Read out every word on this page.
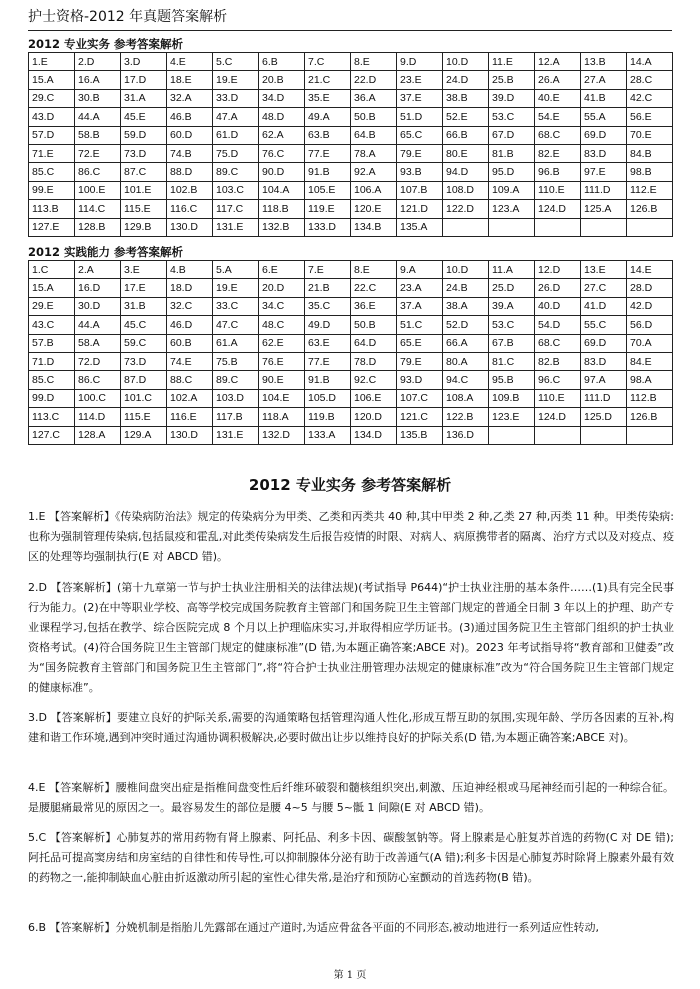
护士资格-2012 年真题答案解析
2012 专业实务 参考答案解析
1.E	2.D	3.D	4.E	5.C	6.B	7.C	8.E	9.D	10.D	11.E	12.A	13.B	14.A
15.A	16.A	17.D	18.E	19.E	20.B	21.C	22.D	23.E	24.D	25.B	26.A	27.A	28.C
29.C	30.B	31.A	32.A	33.D	34.D	35.E	36.A	37.E	38.B	39.D	40.E	41.B	42.C
43.D	44.A	45.E	46.B	47.A	48.D	49.A	50.B	51.D	52.E	53.C	54.E	55.A	56.E
57.D	58.B	59.D	60.D	61.D	62.A	63.B	64.B	65.C	66.B	67.D	68.C	69.D	70.E
71.E	72.E	73.D	74.B	75.D	76.C	77.E	78.A	79.E	80.E	81.B	82.E	83.D	84.B
85.C	86.C	87.C	88.D	89.C	90.D	91.B	92.A	93.B	94.D	95.D	96.B	97.E	98.B
99.E	100.E	101.E	102.B	103.C	104.A	105.E	106.A	107.B	108.D	109.A	110.E	111.D	112.E
113.B	114.C	115.E	116.C	117.C	118.B	119.E	120.E	121.D	122.D	123.A	124.D	125.A	126.B
127.E	128.B	129.B	130.D	131.E	132.B	133.D	134.B	135.A					
2012 实践能力 参考答案解析
1.C	2.A	3.E	4.B	5.A	6.E	7.E	8.E	9.A	10.D	11.A	12.D	13.E	14.E
15.A	16.D	17.E	18.D	19.E	20.D	21.B	22.C	23.A	24.B	25.D	26.D	27.C	28.D
29.E	30.D	31.B	32.C	33.C	34.C	35.C	36.E	37.A	38.A	39.A	40.D	41.D	42.D
43.C	44.A	45.C	46.D	47.C	48.C	49.D	50.B	51.C	52.D	53.C	54.D	55.C	56.D
57.B	58.A	59.C	60.B	61.A	62.E	63.E	64.D	65.E	66.A	67.B	68.C	69.D	70.A
71.D	72.D	73.D	74.E	75.B	76.E	77.E	78.D	79.E	80.A	81.C	82.B	83.D	84.E
85.C	86.C	87.D	88.C	89.C	90.E	91.B	92.C	93.D	94.C	95.B	96.C	97.A	98.A
99.D	100.C	101.C	102.A	103.D	104.E	105.D	106.E	107.C	108.A	109.B	110.E	111.D	112.B
113.C	114.D	115.E	116.E	117.B	118.A	119.B	120.D	121.C	122.B	123.E	124.D	125.D	126.B
127.C	128.A	129.A	130.D	131.E	132.D	133.A	134.D	135.B	136.D				
2012 专业实务 参考答案解析
1.E 【答案解析】《传染病防治法》规定的传染病分为甲类、乙类和丙类共 40 种,其中甲类 2 种,乙类 27 种,丙类 11 种。甲类传染病:也称为强制管理传染病,包括鼠疫和霍乱,对此类传染病发生后报告疫情的时限、对病人、病原携带者的隔离、治疗方式以及对疫点、疫区的处理等均强制执行(E 对 ABCD 错)。
2.D 【答案解析】(第十九章第一节与护士执业注册相关的法律法规)(考试指导 P644)“护士执业注册的基本条件……(1)具有完全民事行为能力。(2)在中等职业学校、高等学校完成国务院教育主管部门和国务院卫生主管部门规定的普通全日制 3 年以上的护理、助产专业课程学习,包括在教学、综合医院完成 8 个月以上护理临床实习,并取得相应学历证书。(3)通过国务院卫生主管部门组织的护士执业资格考试。(4)符合国务院卫生主管部门规定的健康标准”(D 错,为本题正确答案;ABCE 对)。2023 年考试指导将“教育部和卫健委”改为“国务院教育主管部门和国务院卫生主管部门”,将“符合护士执业注册管理办法规定的健康标准”改为“符合国务院卫生主管部门规定的健康标准”。
3.D 【答案解析】要建立良好的护际关系,需要的沟通策略包括管理沟通人性化,形成互帮互助的氛围,实现年龄、学历各因素的互补,构建和谐工作环境,遇到冲突时通过沟通协调积极解决,必要时做出让步以维持良好的护际关系(D 错,为本题正确答案;ABCE 对)。
4.E 【答案解析】腰椎间盘突出症是指椎间盘变性后纤维环破裂和髓核组织突出,刺激、压迫神经根或马尾神经而引起的一种综合征。是腰腿痛最常见的原因之一。最容易发生的部位是腰 4~5 与腰 5~骶 1 间隙(E 对 ABCD 错)。
5.C 【答案解析】心肺复苏的常用药物有肾上腺素、阿托品、利多卡因、碳酸氢钠等。肾上腺素是心脏复苏首选的药物(C 对 DE 错);阿托品可提高窦房结和房室结的自律性和传导性,可以抑制腺体分泌有助于改善通气(A 错);利多卡因是心肺复苏时除肾上腺素外最有效的药物之一,能抑制缺血心脏由折返激动所引起的室性心律失常,是治疗和预防心室颤动的首选药物(B 错)。
6.B 【答案解析】分娩机制是指胎儿先露部在通过产道时,为适应骨盆各平面的不同形态,被动地进行一系列适应性转动,
第 1 页
